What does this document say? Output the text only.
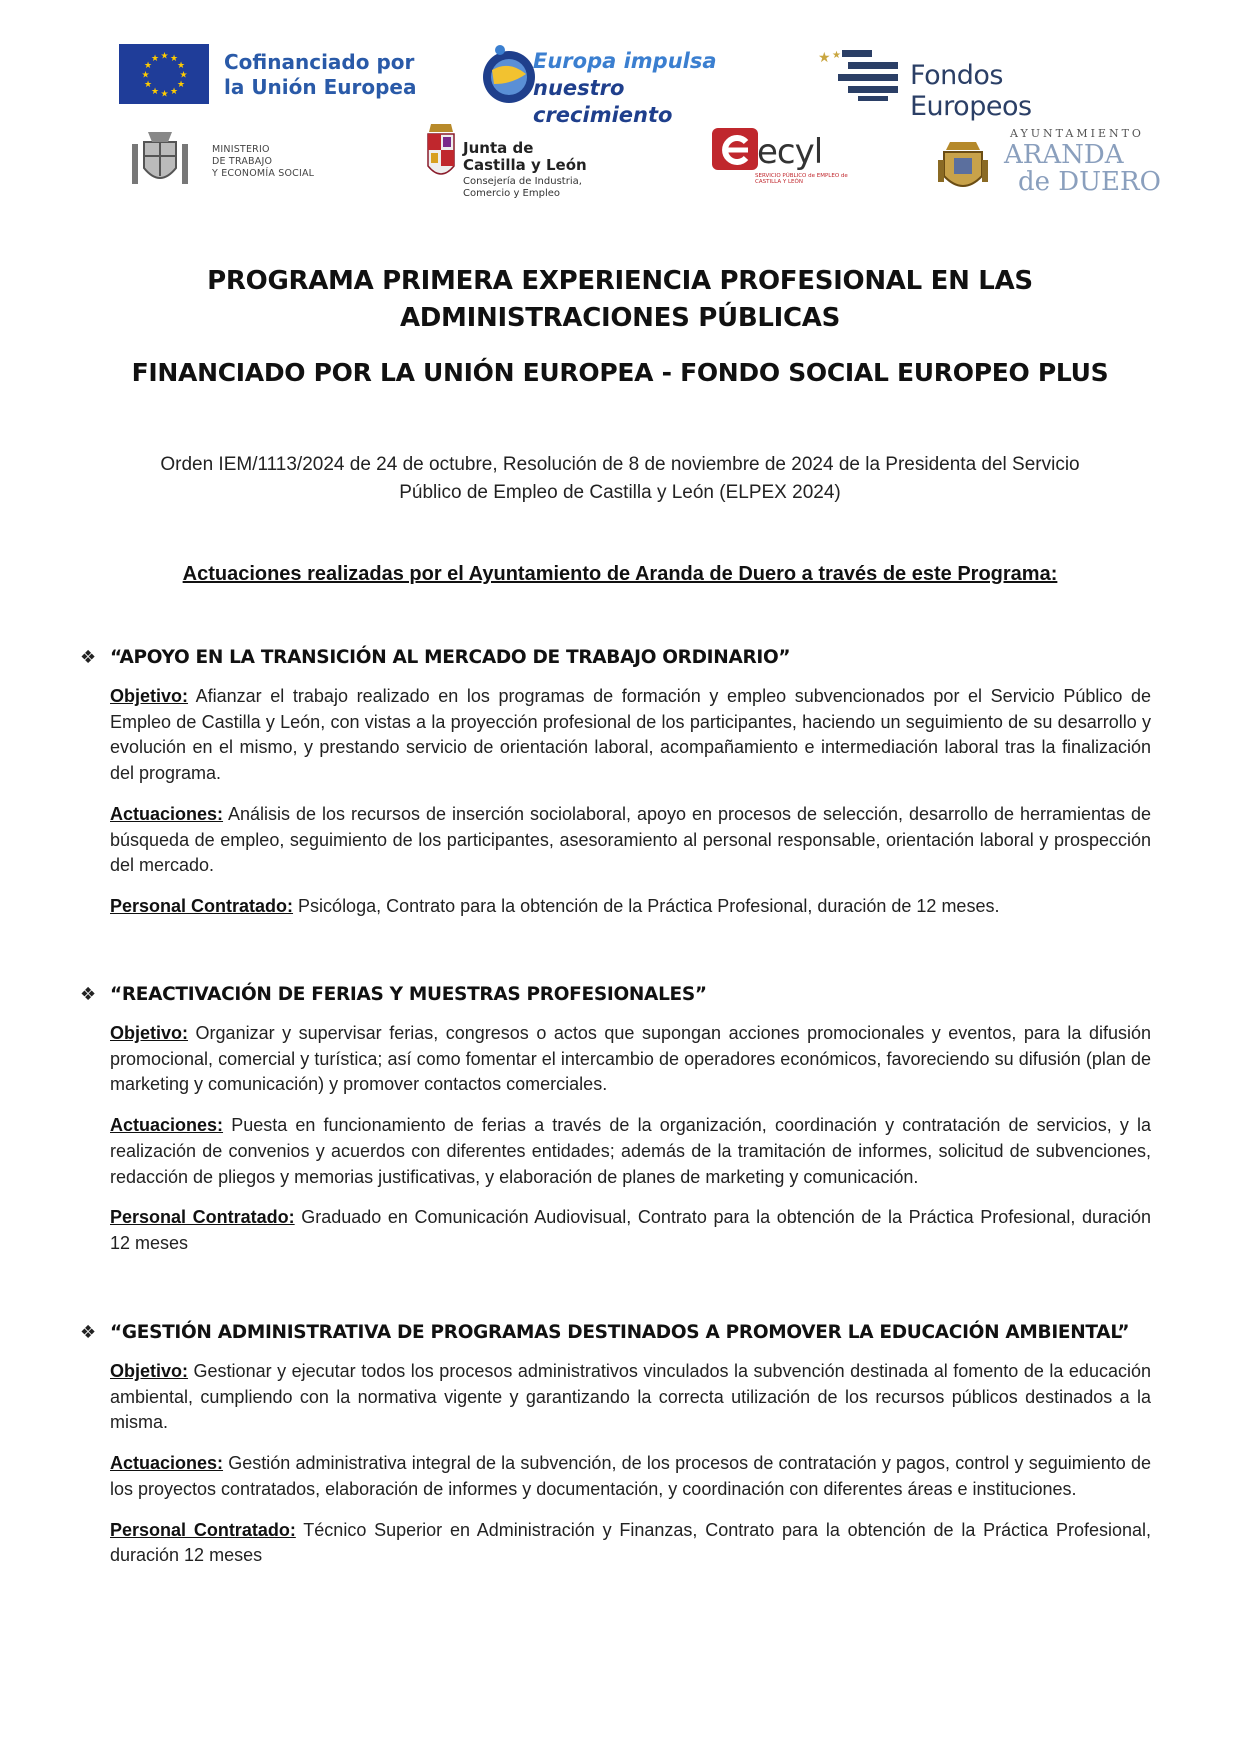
★ ★
★
★
★
★
★
★
★
★
★
★	Cofinanciado por
la Unión Europea
Europa impulsa
nuestro crecimiento
★ ★
Fondos Europeos
MINISTERIO
DE TRABAJO
Y ECONOMÍA SOCIAL
Junta de
Castilla y León
Consejería de Industria,
Comercio y Empleo
ecyl
SERVICIO PÚBLICO de EMPLEO de CASTILLA Y LEÓN
AYUNTAMIENTO
ARANDA
de DUERO
PROGRAMA PRIMERA EXPERIENCIA PROFESIONAL EN LAS
ADMINISTRACIONES PÚBLICAS
FINANCIADO POR LA UNIÓN EUROPEA - FONDO SOCIAL EUROPEO PLUS
Orden IEM/1113/2024 de 24 de octubre, Resolución de 8 de noviembre de 2024 de la Presidenta del Servicio
Público de Empleo de Castilla y León (ELPEX 2024)
Actuaciones realizadas por el Ayuntamiento de Aranda de Duero a través de este Programa:
❖ “APOYO EN LA TRANSICIÓN AL MERCADO DE TRABAJO ORDINARIO”

Objetivo: Afianzar el trabajo realizado en los programas de formación y empleo subvencionados por el Servicio Público de Empleo de Castilla y León, con vistas a la proyección profesional de los participantes, haciendo un seguimiento de su desarrollo y evolución en el mismo, y prestando servicio de orientación laboral, acompañamiento e intermediación laboral tras la finalización del programa.

Actuaciones: Análisis de los recursos de inserción sociolaboral, apoyo en procesos de selección, desarrollo de herramientas de búsqueda de empleo, seguimiento de los participantes, asesoramiento al personal responsable, orientación laboral y prospección del mercado.

Personal Contratado: Psicóloga, Contrato para la obtención de la Práctica Profesional, duración de 12 meses.

❖ “REACTIVACIÓN DE FERIAS Y MUESTRAS PROFESIONALES”

Objetivo: Organizar y supervisar ferias, congresos o actos que supongan acciones promocionales y eventos, para la difusión promocional, comercial y turística; así como fomentar el intercambio de operadores económicos, favoreciendo su difusión (plan de marketing y comunicación) y promover contactos comerciales.

Actuaciones: Puesta en funcionamiento de ferias a través de la organización, coordinación y contratación de servicios, y la realización de convenios y acuerdos con diferentes entidades; además de la tramitación de informes, solicitud de subvenciones, redacción de pliegos y memorias justificativas, y elaboración de planes de marketing y comunicación.

Personal Contratado: Graduado en Comunicación Audiovisual, Contrato para la obtención de la Práctica Profesional, duración 12 meses

❖ “GESTIÓN ADMINISTRATIVA DE PROGRAMAS DESTINADOS A PROMOVER LA EDUCACIÓN AMBIENTAL”

Objetivo: Gestionar y ejecutar todos los procesos administrativos vinculados la subvención destinada al fomento de la educación ambiental, cumpliendo con la normativa vigente y garantizando la correcta utilización de los recursos públicos destinados a la misma.

Actuaciones: Gestión administrativa integral de la subvención, de los procesos de contratación y pagos, control y seguimiento de los proyectos contratados, elaboración de informes y documentación, y coordinación con diferentes áreas e instituciones.

Personal Contratado: Técnico Superior en Administración y Finanzas, Contrato para la obtención de la Práctica Profesional, duración 12 meses
